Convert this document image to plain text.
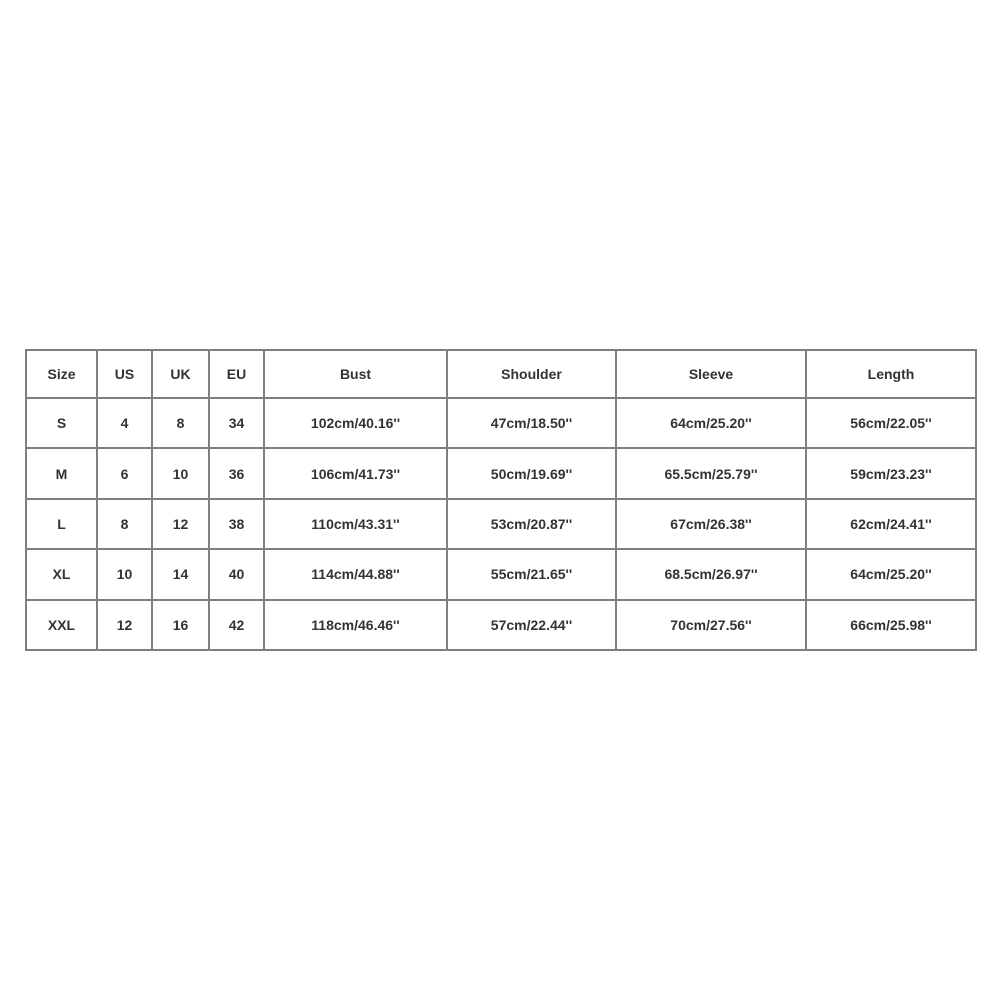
Size	US	UK	EU	Bust	Shoulder	Sleeve	Length
S	4	8	34	102cm/40.16''	47cm/18.50''	64cm/25.20''	56cm/22.05''
M	6	10	36	106cm/41.73''	50cm/19.69''	65.5cm/25.79''	59cm/23.23''
L	8	12	38	110cm/43.31''	53cm/20.87''	67cm/26.38''	62cm/24.41''
XL	10	14	40	114cm/44.88''	55cm/21.65''	68.5cm/26.97''	64cm/25.20''
XXL	12	16	42	118cm/46.46''	57cm/22.44''	70cm/27.56''	66cm/25.98''
